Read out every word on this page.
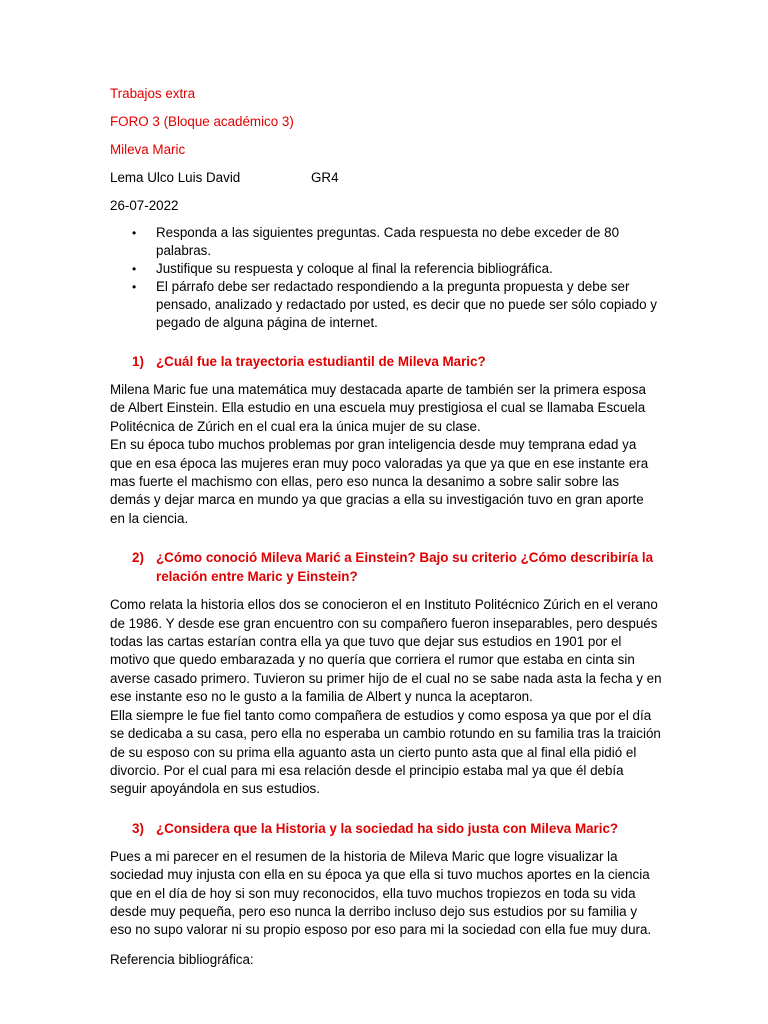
Trabajos extra
FORO 3 (Bloque académico 3)
Mileva Maric
Lema Ulco Luis David	GR4
26-07-2022
• Responda a las siguientes preguntas. Cada respuesta no debe exceder de 80 palabras.
• Justifique su respuesta y coloque al final la referencia bibliográfica.
• El párrafo debe ser redactado respondiendo a la pregunta propuesta y debe ser pensado, analizado y redactado por usted, es decir que no puede ser sólo copiado y pegado de alguna página de internet.
1) ¿Cuál fue la trayectoria estudiantil de Mileva Maric?

Milena Maric fue una matemática muy destacada aparte de también ser la primera esposa de Albert Einstein. Ella estudio en una escuela muy prestigiosa el cual se llamaba Escuela Politécnica de Zúrich en el cual era la única mujer de su clase.

En su época tubo muchos problemas por gran inteligencia desde muy temprana edad ya que en esa época las mujeres eran muy poco valoradas ya que ya que en ese instante era mas fuerte el machismo con ellas, pero eso nunca la desanimo a sobre salir sobre las demás y dejar marca en mundo ya que gracias a ella su investigación tuvo en gran aporte en la ciencia.

2) ¿Cómo conoció Mileva Marić a Einstein? Bajo su criterio ¿Cómo describiría la relación entre Maric y Einstein?

Como relata la historia ellos dos se conocieron el en Instituto Politécnico Zúrich en el verano de 1986. Y desde ese gran encuentro con su compañero fueron inseparables, pero después todas las cartas estarían contra ella ya que tuvo que dejar sus estudios en 1901 por el motivo que quedo embarazada y no quería que corriera el rumor que estaba en cinta sin averse casado primero. Tuvieron su primer hijo de el cual no se sabe nada asta la fecha y en ese instante eso no le gusto a la familia de Albert y nunca la aceptaron.

Ella siempre le fue fiel tanto como compañera de estudios y como esposa ya que por el día se dedicaba a su casa, pero ella no esperaba un cambio rotundo en su familia tras la traición de su esposo con su prima ella aguanto asta un cierto punto asta que al final ella pidió el divorcio. Por el cual para mi esa relación desde el principio estaba mal ya que él debía seguir apoyándola en sus estudios.

3) ¿Considera que la Historia y la sociedad ha sido justa con Mileva Maric?

Pues a mi parecer en el resumen de la historia de Mileva Maric que logre visualizar la sociedad muy injusta con ella en su época ya que ella si tuvo muchos aportes en la ciencia que en el día de hoy si son muy reconocidos, ella tuvo muchos tropiezos en toda su vida desde muy pequeña, pero eso nunca la derribo incluso dejo sus estudios por su familia y eso no supo valorar ni su propio esposo por eso para mi la sociedad con ella fue muy dura.

Referencia bibliográfica:
